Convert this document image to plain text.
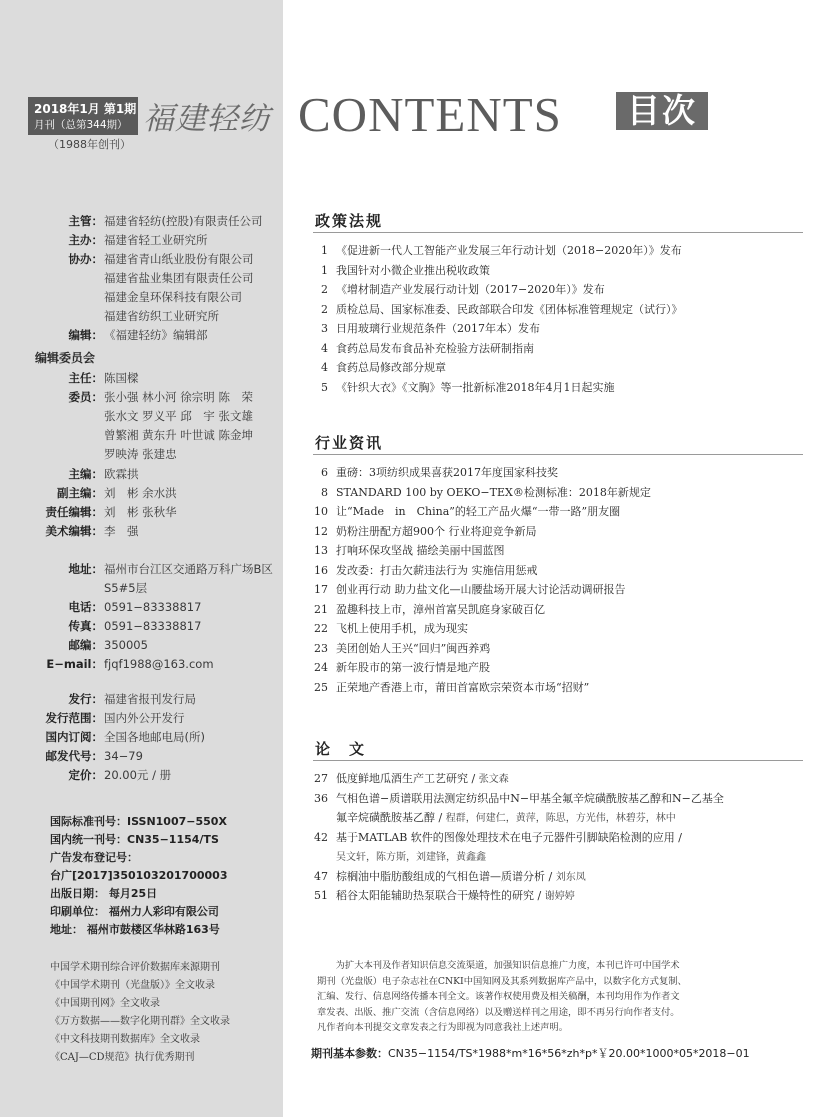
2018年1月 第1期
月刊（总第344期）
（1988年创刊）
福建轻纺 CONTENTS	目次
主管： 福建省轻纺(控股)有限责任公司
主办： 福建省轻工业研究所
协办： 福建省青山纸业股份有限公司
福建省盐业集团有限责任公司
福建金皇环保科技有限公司
福建省纺织工业研究所
编辑： 《福建轻纺》编辑部
编辑委员会
主任： 陈国樑
委员： 张小强 林小河 徐宗明 陈　荣
张水文 罗义平 邱　宇 张文雄
曾繁湘 黄东升 叶世诚 陈金坤
罗映涛 张建忠
主编： 欧霖拱
副主编： 刘　彬 余水洪
责任编辑： 刘　彬 张秋华
美术编辑： 李　强
地址： 福州市台江区交通路万科广场B区
S5#5层
电话： 0591−83338817
传真： 0591−83338817
邮编： 350005
E−mail： fjqf1988@163.com
发行： 福建省报刊发行局
发行范围： 国内外公开发行
国内订阅： 全国各地邮电局(所)
邮发代号： 34−79
定价： 20.00元 / 册
国际标准刊号：ISSN1007−550X
国内统一刊号：CN35−1154/TS
广告发布登记号：
台广[2017]350103201700003
出版日期： 每月25日
印刷单位： 福州力人彩印有限公司
地址： 福州市鼓楼区华林路163号
中国学术期刊综合评价数据库来源期刊
《中国学术期刊（光盘版）》全文收录
《中国期刊网》全文收录
《万方数据——数字化期刊群》全文收录
《中文科技期刊数据库》全文收录
《CAJ—CD规范》执行优秀期刊
政策法规
1 《促进新一代人工智能产业发展三年行动计划（2018−2020年）》发布
1 我国针对小微企业推出税收政策
2 《增材制造产业发展行动计划（2017−2020年）》发布
2 质检总局、国家标准委、民政部联合印发《团体标准管理规定（试行）》
3 日用玻璃行业规范条件（2017年本）发布
4 食药总局发布食品补充检验方法研制指南
4 食药总局修改部分规章
5 《针织大衣》《文胸》等一批新标准2018年4月1日起实施
行业资讯
6 重磅：3项纺织成果喜获2017年度国家科技奖
8 STANDARD 100 by OEKO−TEX®检测标准：2018年新规定
10 让“Made　in　China”的轻工产品火爆“一带一路”朋友圈
12 奶粉注册配方超900个 行业将迎竞争新局
13 打响环保攻坚战 描绘美丽中国蓝图
16 发改委：打击欠薪违法行为 实施信用惩戒
17 创业再行动 助力盐文化—山腰盐场开展大讨论活动调研报告
21 盈趣科技上市，漳州首富吴凯庭身家破百亿
22 飞机上使用手机，成为现实
23 美团创始人王兴“回归”闽西养鸡
24 新年股市的第一波行情是地产股
25 正荣地产香港上市，莆田首富欧宗荣资本市场“招财”
论　文
27 低度鲜地瓜酒生产工艺研究 / 张文森
36 气相色谱−质谱联用法测定纺织品中N−甲基全氟辛烷磺酰胺基乙醇和N−乙基全
氟辛烷磺酰胺基乙醇 / 程群，何建仁，黄萍，陈思，方光伟，林碧芬，林中
42 基于MATLAB 软件的图像处理技术在电子元器件引脚缺陷检测的应用 /
吴文轩，陈方斯，刘建锋，黄鑫鑫
47 棕榈油中脂肪酸组成的气相色谱—质谱分析 / 刘东凤
51 稻谷太阳能辅助热泵联合干燥特性的研究 / 谢婷婷
　　为扩大本刊及作者知识信息交流渠道，加强知识信息推广力度，本刊已许可中国学术
期刊（光盘版）电子杂志社在CNKI中国知网及其系列数据库产品中，以数字化方式复制、
汇编、发行、信息网络传播本刊全文。该著作权使用费及相关稿酬，本刊均用作为作者文
章发表、出版、推广交流（含信息网络）以及赠送样刊之用途，即不再另行向作者支付。
凡作者向本刊提交文章发表之行为即视为同意我社上述声明。
期刊基本参数：CN35−1154/TS*1988*m*16*56*zh*p*￥20.00*1000*05*2018−01
